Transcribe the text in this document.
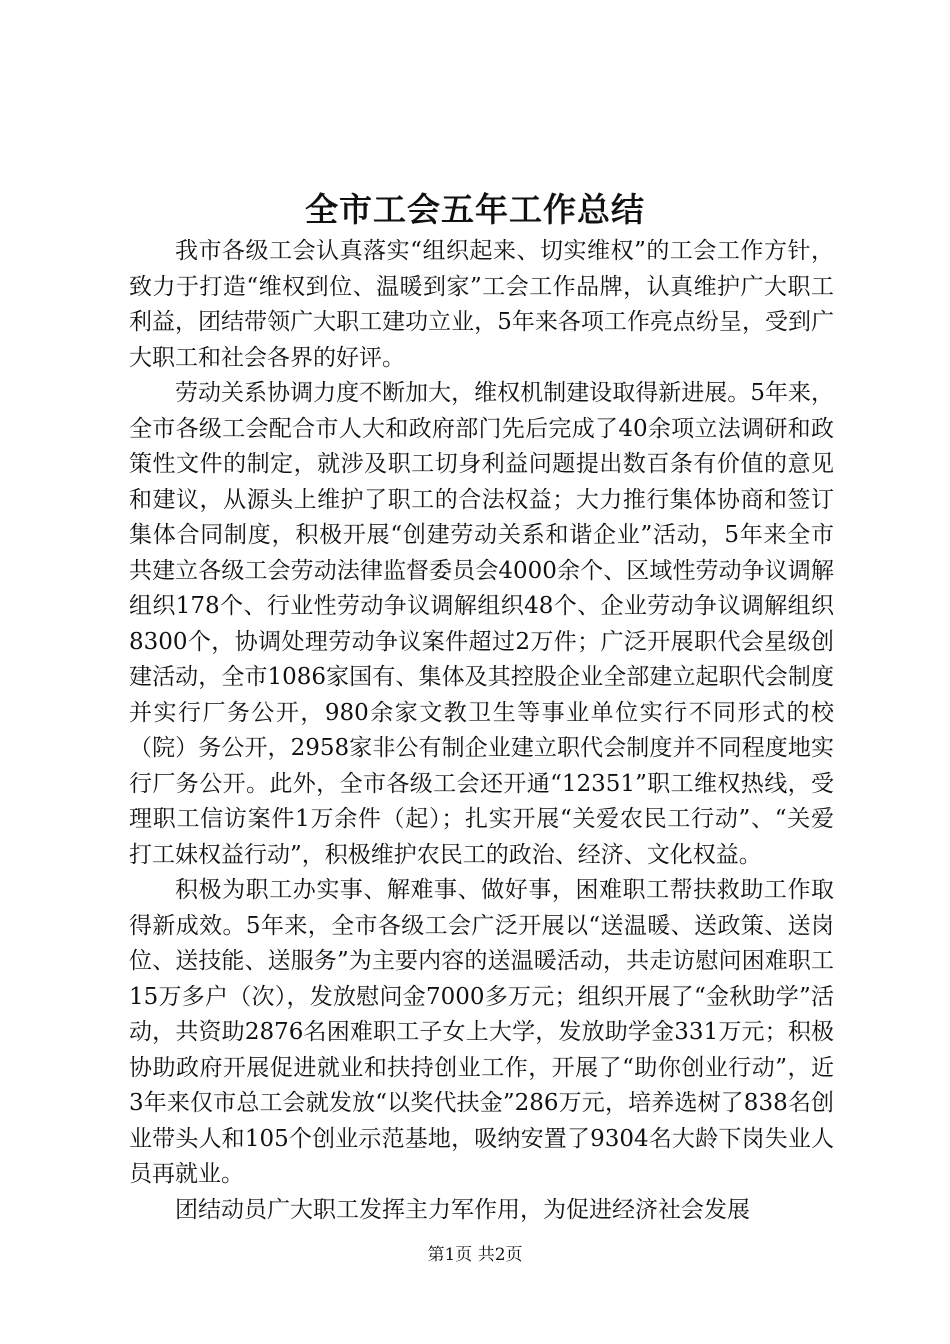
全市工会五年工作总结

我市各级工会认真落实“组织起来、切实维权”的工会工作方针，致力于打造“维权到位、温暖到家”工会工作品牌，认真维护广大职工利益，团结带领广大职工建功立业，5年来各项工作亮点纷呈，受到广大职工和社会各界的好评。

劳动关系协调力度不断加大，维权机制建设取得新进展。5年来，全市各级工会配合市人大和政府部门先后完成了40余项立法调研和政策性文件的制定，就涉及职工切身利益问题提出数百条有价值的意见和建议，从源头上维护了职工的合法权益；大力推行集体协商和签订集体合同制度，积极开展“创建劳动关系和谐企业”活动，5年来全市共建立各级工会劳动法律监督委员会4000余个、区域性劳动争议调解组织178个、行业性劳动争议调解组织48个、企业劳动争议调解组织8300个，协调处理劳动争议案件超过2万件；广泛开展职代会星级创建活动，全市1086家国有、集体及其控股企业全部建立起职代会制度并实行厂务公开，980余家文教卫生等事业单位实行不同形式的校（院）务公开，2958家非公有制企业建立职代会制度并不同程度地实行厂务公开。此外，全市各级工会还开通“12351”职工维权热线，受理职工信访案件1万余件（起）；扎实开展“关爱农民工行动”、“关爱打工妹权益行动”，积极维护农民工的政治、经济、文化权益。

积极为职工办实事、解难事、做好事，困难职工帮扶救助工作取得新成效。5年来，全市各级工会广泛开展以“送温暖、送政策、送岗位、送技能、送服务”为主要内容的送温暖活动，共走访慰问困难职工15万多户（次），发放慰问金7000多万元；组织开展了“金秋助学”活动，共资助2876名困难职工子女上大学，发放助学金331万元；积极协助政府开展促进就业和扶持创业工作，开展了“助你创业行动”，近3年来仅市总工会就发放“以奖代扶金”286万元，培养选树了838名创业带头人和105个创业示范基地，吸纳安置了9304名大龄下岗失业人员再就业。

团结动员广大职工发挥主力军作用，为促进经济社会发展

第1页 共2页
